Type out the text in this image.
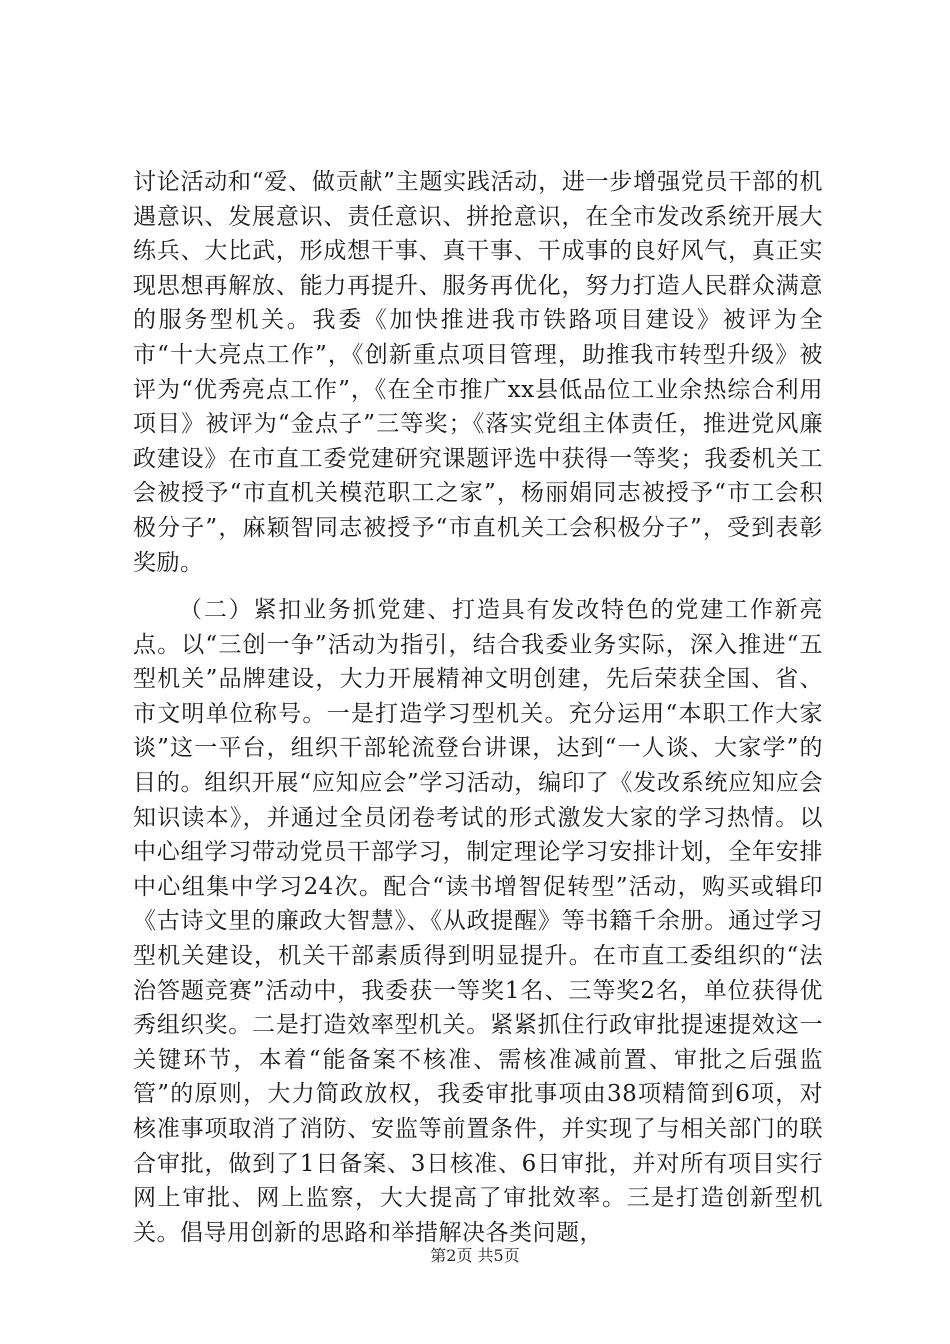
讨论活动和“爱、做贡献”主题实践活动，进一步增强党员干部的机遇意识、发展意识、责任意识、拼抢意识，在全市发改系统开展大练兵、大比武，形成想干事、真干事、干成事的良好风气，真正实现思想再解放、能力再提升、服务再优化，努力打造人民群众满意的服务型机关。我委《加快推进我市铁路项目建设》被评为全市“十大亮点工作”，《创新重点项目管理，助推我市转型升级》被评为“优秀亮点工作”，《在全市推广xx县低品位工业余热综合利用项目》被评为“金点子”三等奖；《落实党组主体责任，推进党风廉政建设》在市直工委党建研究课题评选中获得一等奖；我委机关工会被授予“市直机关模范职工之家”，杨丽娟同志被授予“市工会积极分子”，麻颖智同志被授予“市直机关工会积极分子”，受到表彰奖励。

（二）紧扣业务抓党建、打造具有发改特色的党建工作新亮点。以“三创一争”活动为指引，结合我委业务实际，深入推进“五型机关”品牌建设，大力开展精神文明创建，先后荣获全国、省、市文明单位称号。一是打造学习型机关。充分运用“本职工作大家谈”这一平台，组织干部轮流登台讲课，达到“一人谈、大家学”的目的。组织开展“应知应会”学习活动，编印了《发改系统应知应会知识读本》，并通过全员闭卷考试的形式激发大家的学习热情。以中心组学习带动党员干部学习，制定理论学习安排计划，全年安排中心组集中学习24次。配合“读书增智促转型”活动，购买或辑印《古诗文里的廉政大智慧》、《从政提醒》等书籍千余册。通过学习型机关建设，机关干部素质得到明显提升。在市直工委组织的“法治答题竞赛”活动中，我委获一等奖1名、三等奖2名，单位获得优秀组织奖。二是打造效率型机关。紧紧抓住行政审批提速提效这一关键环节，本着“能备案不核准、需核准减前置、审批之后强监管”的原则，大力简政放权，我委审批事项由38项精简到6项，对核准事项取消了消防、安监等前置条件，并实现了与相关部门的联合审批，做到了1日备案、3日核准、6日审批，并对所有项目实行网上审批、网上监察，大大提高了审批效率。三是打造创新型机关。倡导用创新的思路和举措解决各类问题，

第2页 共5页
